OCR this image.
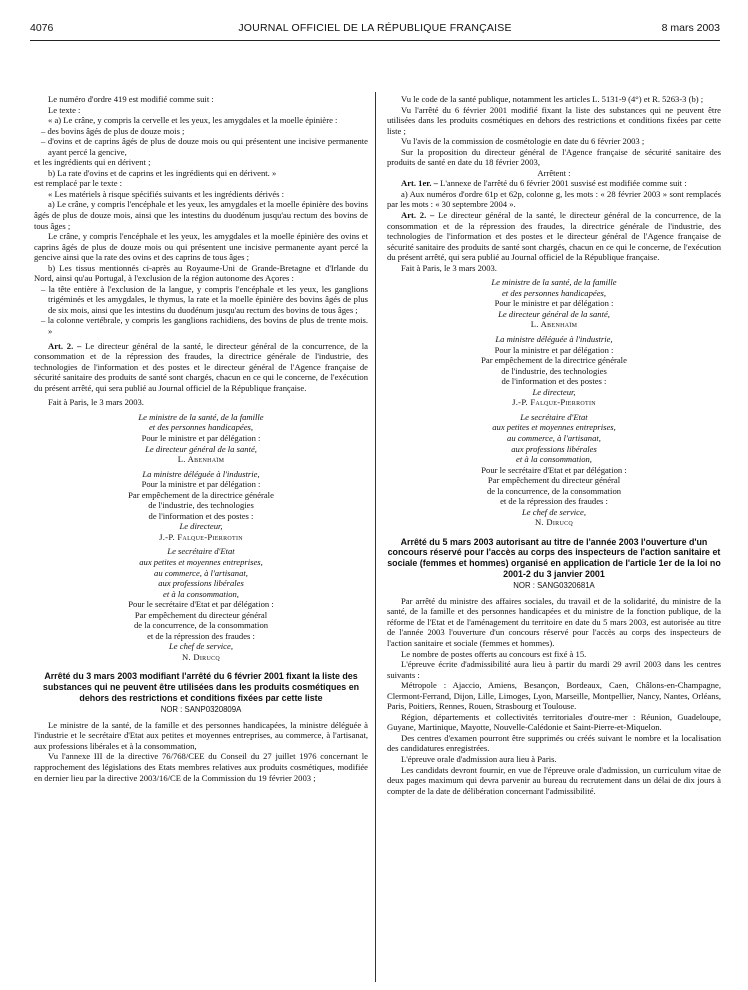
4076	JOURNAL OFFICIEL DE LA RÉPUBLIQUE FRANÇAISE	8 mars 2003

Le numéro d'ordre 419 est modifié comme suit :

Le texte :

« a) Le crâne, y compris la cervelle et les yeux, les amygdales et la moelle épinière :

– des bovins âgés de plus de douze mois ;

– d'ovins et de caprins âgés de plus de douze mois ou qui présentent une incisive permanente ayant percé la gencive,

et les ingrédients qui en dérivent ;

b) La rate d'ovins et de caprins et les ingrédients qui en dérivent. »

est remplacé par le texte :

« Les matériels à risque spécifiés suivants et les ingrédients dérivés :

a) Le crâne, y compris l'encéphale et les yeux, les amygdales et la moelle épinière des bovins âgés de plus de douze mois, ainsi que les intestins du duodénum jusqu'au rectum des bovins de tous âges ;

Le crâne, y compris l'encéphale et les yeux, les amygdales et la moelle épinière des ovins et caprins âgés de plus de douze mois ou qui présentent une incisive permanente ayant percé la gencive ainsi que la rate des ovins et des caprins de tous âges ;

b) Les tissus mentionnés ci-après au Royaume-Uni de Grande-Bretagne et d'Irlande du Nord, ainsi qu'au Portugal, à l'exclusion de la région autonome des Açores :

– la tête entière à l'exclusion de la langue, y compris l'encéphale et les yeux, les ganglions trigéminés et les amygdales, le thymus, la rate et la moelle épinière des bovins âgés de plus de six mois, ainsi que les intestins du duodénum jusqu'au rectum des bovins de tous âges ;

– la colonne vertébrale, y compris les ganglions rachidiens, des bovins de plus de trente mois. »

Art. 2. – Le directeur général de la santé, le directeur général de la concurrence, de la consommation et de la répression des fraudes, la directrice générale de l'industrie, des technologies de l'information et des postes et le directeur général de l'Agence française de sécurité sanitaire des produits de santé sont chargés, chacun en ce qui le concerne, de l'exécution du présent arrêté, qui sera publié au Journal officiel de la République française.

Fait à Paris, le 3 mars 2003.

Le ministre de la santé, de la famille

et des personnes handicapées,

Pour le ministre et par délégation :

Le directeur général de la santé,

L. Abenhaïm

La ministre déléguée à l'industrie,

Pour la ministre et par délégation :

Par empêchement de la directrice générale

de l'industrie, des technologies

de l'information et des postes :

Le directeur,

J.-P. Falque-Pierrotin

Le secrétaire d'Etat

aux petites et moyennes entreprises,

au commerce, à l'artisanat,

aux professions libérales

et à la consommation,

Pour le secrétaire d'Etat et par délégation :

Par empêchement du directeur général

de la concurrence, de la consommation

et de la répression des fraudes :

Le chef de service,

N. Dirucq

Arrêté du 3 mars 2003 modifiant l'arrêté du 6 février 2001 fixant la liste des substances qui ne peuvent être utilisées dans les produits cosmétiques en dehors des restrictions et conditions fixées par cette liste

NOR : SANP0320809A

Le ministre de la santé, de la famille et des personnes handicapées, la ministre déléguée à l'industrie et le secrétaire d'Etat aux petites et moyennes entreprises, au commerce, à l'artisanat, aux professions libérales et à la consommation,

Vu l'annexe III de la directive 76/768/CEE du Conseil du 27 juillet 1976 concernant le rapprochement des législations des Etats membres relatives aux produits cosmétiques, modifiée en dernier lieu par la directive 2003/16/CE de la Commission du 19 février 2003 ;

Vu le code de la santé publique, notamment les articles L. 5131-9 (4°) et R. 5263-3 (b) ;

Vu l'arrêté du 6 février 2001 modifié fixant la liste des substances qui ne peuvent être utilisées dans les produits cosmétiques en dehors des restrictions et conditions fixées par cette liste ;

Vu l'avis de la commission de cosmétologie en date du 6 février 2003 ;

Sur la proposition du directeur général de l'Agence française de sécurité sanitaire des produits de santé en date du 18 février 2003,

Arrêtent :

Art. 1er. – L'annexe de l'arrêté du 6 février 2001 susvisé est modifiée comme suit :

a) Aux numéros d'ordre 61p et 62p, colonne g, les mots : « 28 février 2003 » sont remplacés par les mots : « 30 septembre 2004 ».

Art. 2. – Le directeur général de la santé, le directeur général de la concurrence, de la consommation et de la répression des fraudes, la directrice générale de l'industrie, des technologies de l'information et des postes et le directeur général de l'Agence française de sécurité sanitaire des produits de santé sont chargés, chacun en ce qui le concerne, de l'exécution du présent arrêté, qui sera publié au Journal officiel de la République française.

Fait à Paris, le 3 mars 2003.

Le ministre de la santé, de la famille

et des personnes handicapées,

Pour le ministre et par délégation :

Le directeur général de la santé,

L. Abenhaïm

La ministre déléguée à l'industrie,

Pour la ministre et par délégation :

Par empêchement de la directrice générale

de l'industrie, des technologies

de l'information et des postes :

Le directeur,

J.-P. Falque-Pierrotin

Le secrétaire d'Etat

aux petites et moyennes entreprises,

au commerce, à l'artisanat,

aux professions libérales

et à la consommation,

Pour le secrétaire d'Etat et par délégation :

Par empêchement du directeur général

de la concurrence, de la consommation

et de la répression des fraudes :

Le chef de service,

N. Dirucq

Arrêté du 5 mars 2003 autorisant au titre de l'année 2003 l'ouverture d'un concours réservé pour l'accès au corps des inspecteurs de l'action sanitaire et sociale (femmes et hommes) organisé en application de l'article 1er de la loi no 2001-2 du 3 janvier 2001

NOR : SANG0320681A

Par arrêté du ministre des affaires sociales, du travail et de la solidarité, du ministre de la santé, de la famille et des personnes handicapées et du ministre de la fonction publique, de la réforme de l'Etat et de l'aménagement du territoire en date du 5 mars 2003, est autorisée au titre de l'année 2003 l'ouverture d'un concours réservé pour l'accès au corps des inspecteurs de l'action sanitaire et sociale (femmes et hommes).

Le nombre de postes offerts au concours est fixé à 15.

L'épreuve écrite d'admissibilité aura lieu à partir du mardi 29 avril 2003 dans les centres suivants :

Métropole : Ajaccio, Amiens, Besançon, Bordeaux, Caen, Châlons-en-Champagne, Clermont-Ferrand, Dijon, Lille, Limoges, Lyon, Marseille, Montpellier, Nancy, Nantes, Orléans, Paris, Poitiers, Rennes, Rouen, Strasbourg et Toulouse.

Région, départements et collectivités territoriales d'outre-mer : Réunion, Guadeloupe, Guyane, Martinique, Mayotte, Nouvelle-Calédonie et Saint-Pierre-et-Miquelon.

Des centres d'examen pourront être supprimés ou créés suivant le nombre et la localisation des candidatures enregistrées.

L'épreuve orale d'admission aura lieu à Paris.

Les candidats devront fournir, en vue de l'épreuve orale d'admission, un curriculum vitae de deux pages maximum qui devra parvenir au bureau du recrutement dans un délai de dix jours à compter de la date de délibération concernant l'admissibilité.
